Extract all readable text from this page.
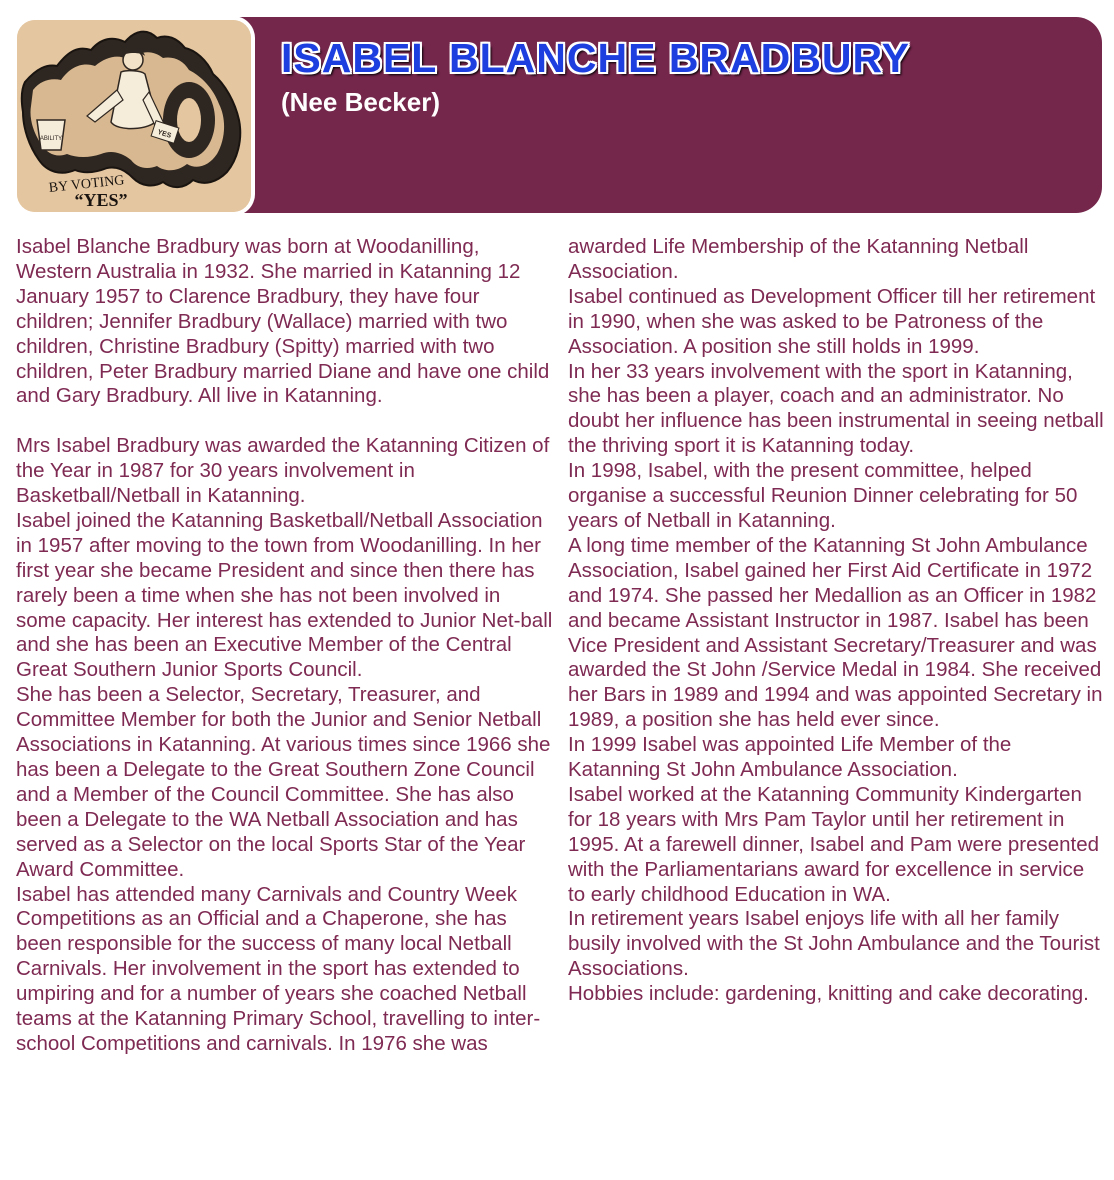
ABILITY	YES
BY VOTING
“YES”
ISABEL BLANCHE BRADBURY
(Nee Becker)

Isabel Blanche Bradbury was born at Woodanilling, Western Australia in 1932. She married in Katanning 12 January 1957 to Clarence Bradbury, they have four children; Jennifer Bradbury (Wallace) married with two children, Christine Bradbury (Spitty) married with two children, Peter Bradbury married Diane and have one child and Gary Bradbury. All live in Katanning.

Mrs Isabel Bradbury was awarded the Katanning Citizen of the Year in 1987 for 30 years involvement in Basketball/Netball in Katanning.

Isabel joined the Katanning Basketball/Netball Association in 1957 after moving to the town from Woodanilling. In her first year she became President and since then there has rarely been a time when she has not been involved in some capacity. Her interest has extended to Junior Net-ball and she has been an Executive Member of the Central Great Southern Junior Sports Council.

She has been a Selector, Secretary, Treasurer, and Committee Member for both the Junior and Senior Netball Associations in Katanning. At various times since 1966 she has been a Delegate to the Great Southern Zone Council and a Member of the Council Committee. She has also been a Delegate to the WA Netball Association and has served as a Selector on the local Sports Star of the Year Award Committee.

Isabel has attended many Carnivals and Country Week Competitions as an Official and a Chaperone, she has been responsible for the success of many local Netball Carnivals. Her involvement in the sport has extended to umpiring and for a number of years she coached Netball teams at the Katanning Primary School, travelling to inter-school Competitions and carnivals. In 1976 she was

awarded Life Membership of the Katanning Netball Association.

Isabel continued as Development Officer till her retirement in 1990, when she was asked to be Patroness of the Association. A position she still holds in 1999.

In her 33 years involvement with the sport in Katanning, she has been a player, coach and an administrator. No doubt her influence has been instrumental in seeing netball the thriving sport it is Katanning today.

In 1998, Isabel, with the present committee, helped organise a successful Reunion Dinner celebrating for 50 years of Netball in Katanning.

A long time member of the Katanning St John Ambulance Association, Isabel gained her First Aid Certificate in 1972 and 1974. She passed her Medallion as an Officer in 1982 and became Assistant Instructor in 1987. Isabel has been Vice President and Assistant Secretary/Treasurer and was awarded the St John /Service Medal in 1984. She received her Bars in 1989 and 1994 and was appointed Secretary in 1989, a position she has held ever since.

In 1999 Isabel was appointed Life Member of the Katanning St John Ambulance Association.

Isabel worked at the Katanning Community Kindergarten for 18 years with Mrs Pam Taylor until her retirement in 1995. At a farewell dinner, Isabel and Pam were presented with the Parliamentarians award for excellence in service to early childhood Education in WA.

In retirement years Isabel enjoys life with all her family busily involved with the St John Ambulance and the Tourist Associations.

Hobbies include: gardening, knitting and cake decorating.
